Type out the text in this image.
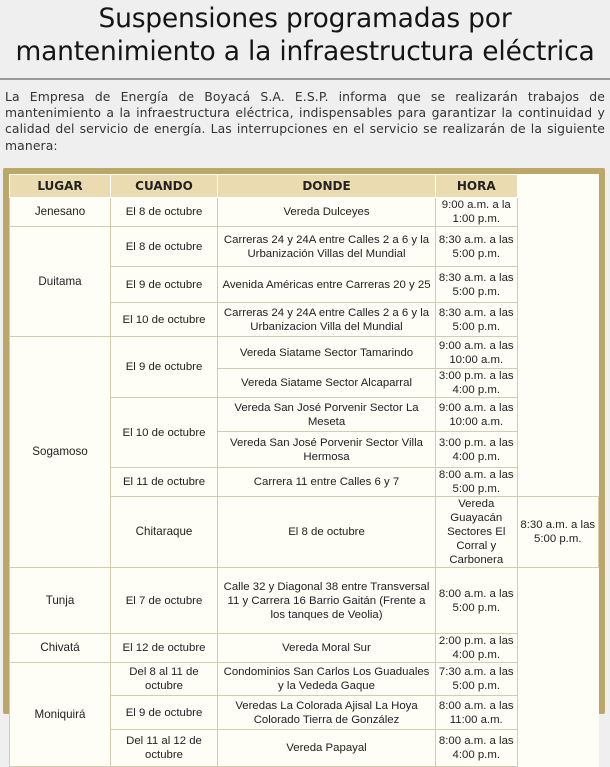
Suspensiones programadas por
mantenimiento a la infraestructura eléctrica
La Empresa de Energía de Boyacá S.A. E.S.P. informa que se realizarán trabajos de mantenimiento a la infraestructura eléctrica, indispensables para garantizar la continuidad y calidad del servicio de energía. Las interrupciones en el servicio se realizarán de la siguiente manera:
LUGAR	CUANDO	DONDE	HORA	
Jenesano	El 8 de octubre	Vereda Dulceyes	9:00 a.m. a la 1:00 p.m.	
Duitama	El 8 de octubre	Carreras 24 y 24A entre Calles 2 a 6 y la Urbanización Villas del Mundial	8:30 a.m. a las 5:00 p.m.	
	El 9 de octubre	Avenida Américas entre Carreras 20 y 25	8:30 a.m. a las 5:00 p.m.	
	El 10 de octubre	Carreras 24 y 24A entre Calles 2 a 6 y la Urbanizacion Villa del Mundial	8:30 a.m. a las 5:00 p.m.	
Sogamoso	El 9 de octubre	Vereda Siatame Sector Tamarindo	9:00 a.m. a las 10:00 a.m.	
		Vereda Siatame Sector Alcaparral	3:00 p.m. a las 4:00 p.m.	
	El 10 de octubre	Vereda San José Porvenir Sector La Meseta	9:00 a.m. a las 10:00 a.m.	
		Vereda San José Porvenir Sector Villa Hermosa	3:00 p.m. a las 4:00 p.m.	
	El 11 de octubre	Carrera 11 entre Calles 6 y 7	8:00 a.m. a las 5:00 p.m.	
	Chitaraque	El 8 de octubre	Vereda Guayacán Sectores El Corral y Carbonera	8:30 a.m. a las 5:00 p.m.
Tunja	El 7 de octubre	Calle 32 y Diagonal 38 entre Transversal 11 y Carrera 16 Barrio Gaitán (Frente a los tanques de Veolia)	8:00 a.m. a las 5:00 p.m.	
Chivatá	El 12 de octubre	Vereda Moral Sur	2:00 p.m. a las 4:00 p.m.	
Moniquirá	Del 8 al 11 de octubre	Condominios San Carlos Los Guaduales y la Vededa Gaque	7:30 a.m. a las 5:00 p.m.	
	El 9 de octubre	Veredas La Colorada Ajisal La Hoya Colorado Tierra de González	8:00 a.m. a las 11:00 a.m.	
	Del 11 al 12 de octubre	Vereda Papayal	8:00 a.m. a las 4:00 p.m.	
